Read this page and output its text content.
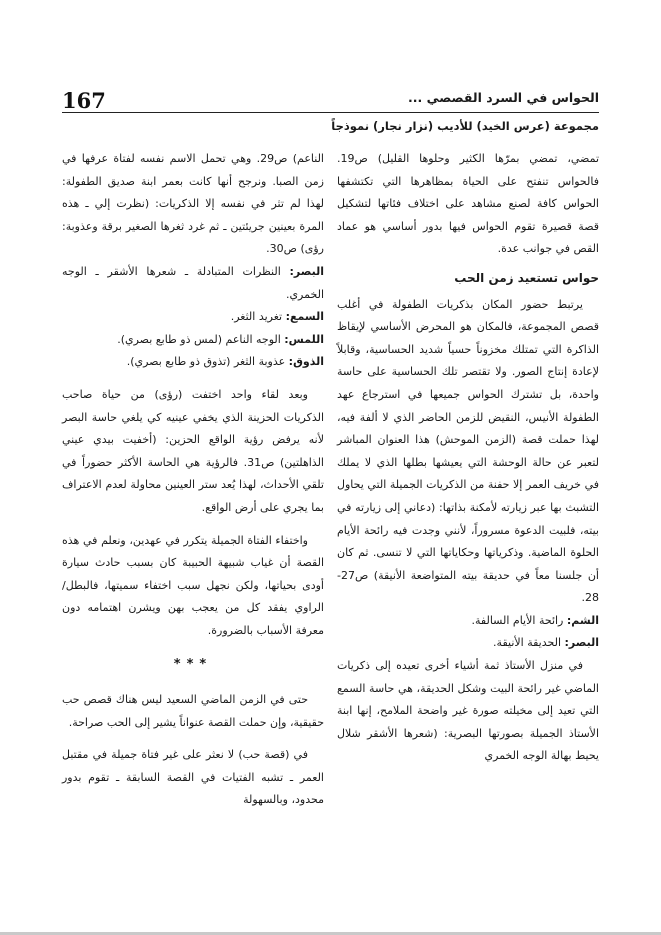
167	الحواس في السرد القصصي ...
مجموعة (عرس الخيد) للأديب (نزار نجار) نموذجاً

تمضي، تمضي بمرّها الكثير وحلوها القليل) ص19. فالحواس تنفتح على الحياة بمظاهرها التي تكتشفها الحواس كافة لصنع مشاهد على اختلاف فئاتها لتشكيل قصة قصيرة تقوم الحواس فيها بدور أساسي هو عماد القص في جوانب عدة.

حواس تستعيد زمن الحب

يرتبط حضور المكان بذكريات الطفولة في أغلب قصص المجموعة، فالمكان هو المحرض الأساسي لإيقاظ الذاكرة التي تمتلك مخزوناً حسياً شديد الحساسية، وقابلاً لإعادة إنتاج الصور. ولا تقتصر تلك الحساسية على حاسة واحدة، بل تشترك الحواس جميعها في استرجاع عهد الطفولة الأنيس، النقيض للزمن الحاضر الذي لا ألفة فيه، لهذا حملت قصة (الزمن الموحش) هذا العنوان المباشر لتعبر عن حالة الوحشة التي يعيشها بطلها الذي لا يملك في خريف العمر إلا حفنة من الذكريات الجميلة التي يحاول التشبث بها عبر زيارته لأمكنة بذاتها: (دعاني إلى زيارته في بيته، فلبيت الدعوة مسروراً، لأنني وجدت فيه رائحة الأيام الحلوة الماضية. وذكرياتها وحكاياتها التي لا تنسى. ثم كان أن جلسنا معاً في حديقة بيته المتواضعة الأنيقة) ص27-28.

الشم: رائحة الأيام السالفة.

البصر: الحديقة الأنيقة.

في منزل الأستاذ ثمة أشياء أخرى تعيده إلى ذكريات الماضي غير رائحة البيت وشكل الحديقة، هي حاسة السمع التي تعيد إلى مخيلته صورة غير واضحة الملامح، إنها ابنة الأستاذ الجميلة بصورتها البصرية: (شعرها الأشقر شلال يحيط بهالة الوجه الخمري

الناعم) ص29. وهي تحمل الاسم نفسه لفتاة عرفها في زمن الصبا. ونرجح أنها كانت بعمر ابنة صديق الطفولة: لهذا لم تثر في نفسه إلا الذكريات: (نظرت إلي ـ هذه المرة بعينين جريئتين ـ ثم غرد ثغرها الصغير برقة وعذوبة: رؤى) ص30.

البصر: النظرات المتبادلة ـ شعرها الأشقر ـ الوجه الخمري.

السمع: تغريد الثغر.

اللمس: الوجه الناعم (لمس ذو طابع بصري).

الذوق: عذوبة الثغر (تذوق ذو طابع بصري).

وبعد لقاء واحد اختفت (رؤى) من حياة صاحب الذكريات الحزينة الذي يخفي عينيه كي يلغي حاسة البصر لأنه يرفض رؤية الواقع الحزين: (أخفيت بيدي عيني الذاهلتين) ص31. فالرؤية هي الحاسة الأكثر حضوراً في تلقي الأحداث، لهذا يُعد ستر العينين محاولة لعدم الاعتراف بما يجري على أرض الواقع.

واختفاء الفتاة الجميلة يتكرر في عهدين، ونعلم في هذه القصة أن غياب شبيهة الحبيبة كان بسبب حادث سيارة أودى بحياتها، ولكن نجهل سبب اختفاء سميتها، فالبطل/ الراوي يفقد كل من يعجب بهن ويشرن اهتمامه دون معرفة الأسباب بالضرورة.

***

حتى في الزمن الماضي السعيد ليس هناك قصص حب حقيقية، وإن حملت القصة عنواناً يشير إلى الحب صراحة.

في (قصة حب) لا نعثر على غير فتاة جميلة في مقتبل العمر ـ تشبه الفتيات في القصة السابقة ـ تقوم بدور محدود، وبالسهولة
